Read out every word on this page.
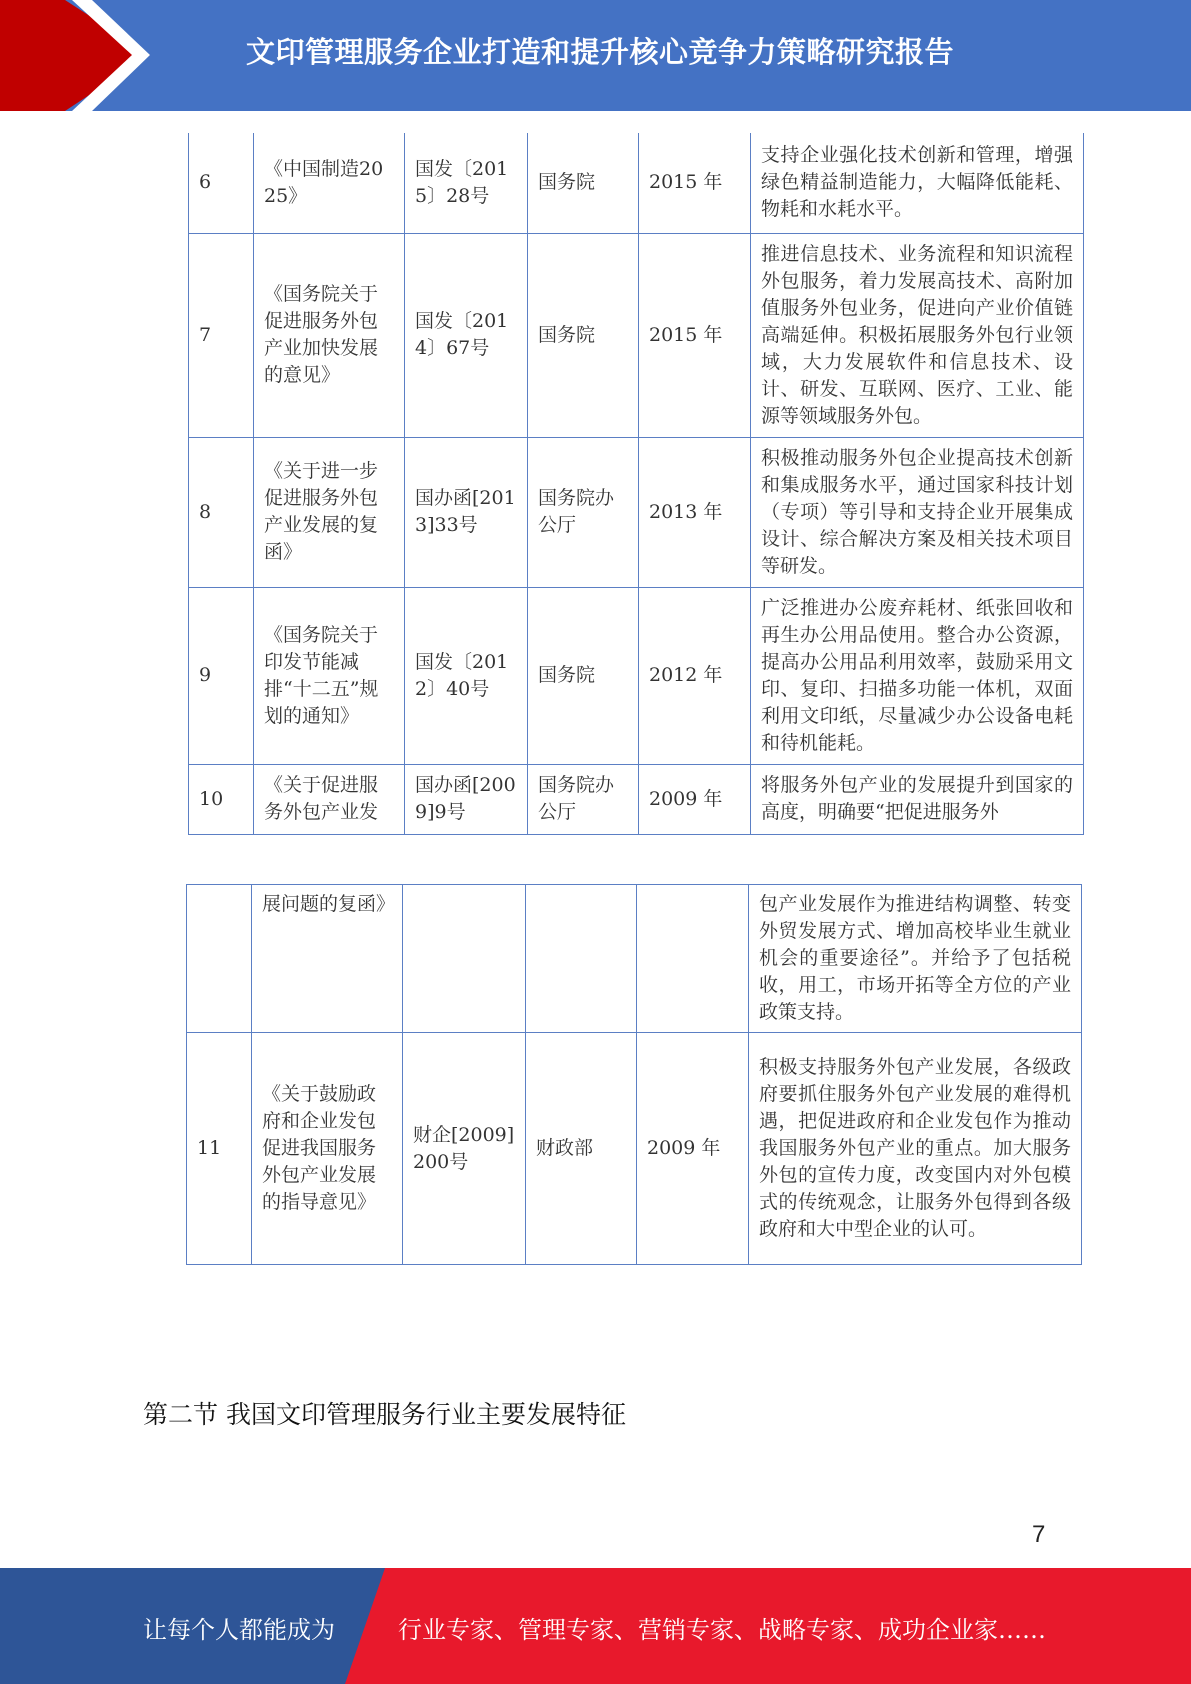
文印管理服务企业打造和提升核心竞争力策略研究报告
6	《中国制造2025》	国发〔2015〕28号	国务院	2015 年	支持企业强化技术创新和管理，增强绿色精益制造能力，大幅降低能耗、物耗和水耗水平。
7	《国务院关于促进服务外包产业加快发展的意见》	国发〔2014〕67号	国务院	2015 年	推进信息技术、业务流程和知识流程外包服务，着力发展高技术、高附加值服务外包业务，促进向产业价值链高端延伸。积极拓展服务外包行业领域，大力发展软件和信息技术、设计、研发、互联网、医疗、工业、能源等领域服务外包。
8	《关于进一步促进服务外包产业发展的复函》	国办函[2013]33号	国务院办公厅	2013 年	积极推动服务外包企业提高技术创新和集成服务水平，通过国家科技计划（专项）等引导和支持企业开展集成设计、综合解决方案及相关技术项目等研发。
9	《国务院关于印发节能减排“十二五”规划的通知》	国发〔2012〕40号	国务院	2012 年	广泛推进办公废弃耗材、纸张回收和再生办公用品使用。整合办公资源，提高办公用品利用效率，鼓励采用文印、复印、扫描多功能一体机，双面利用文印纸，尽量减少办公设备电耗和待机能耗。
10	《关于促进服务外包产业发	国办函[2009]9号	国务院办公厅	2009 年	将服务外包产业的发展提升到国家的高度，明确要“把促进服务外
	展问题的复函》				包产业发展作为推进结构调整、转变外贸发展方式、增加高校毕业生就业机会的重要途径”。并给予了包括税收，用工，市场开拓等全方位的产业政策支持。
11	《关于鼓励政府和企业发包促进我国服务外包产业发展的指导意见》	财企[2009]200号	财政部	2009 年	积极支持服务外包产业发展，各级政府要抓住服务外包产业发展的难得机遇，把促进政府和企业发包作为推动我国服务外包产业的重点。加大服务外包的宣传力度，改变国内对外包模式的传统观念，让服务外包得到各级政府和大中型企业的认可。
第二节 我国文印管理服务行业主要发展特征
7
让每个人都能成为	行业专家、管理专家、营销专家、战略专家、成功企业家……
